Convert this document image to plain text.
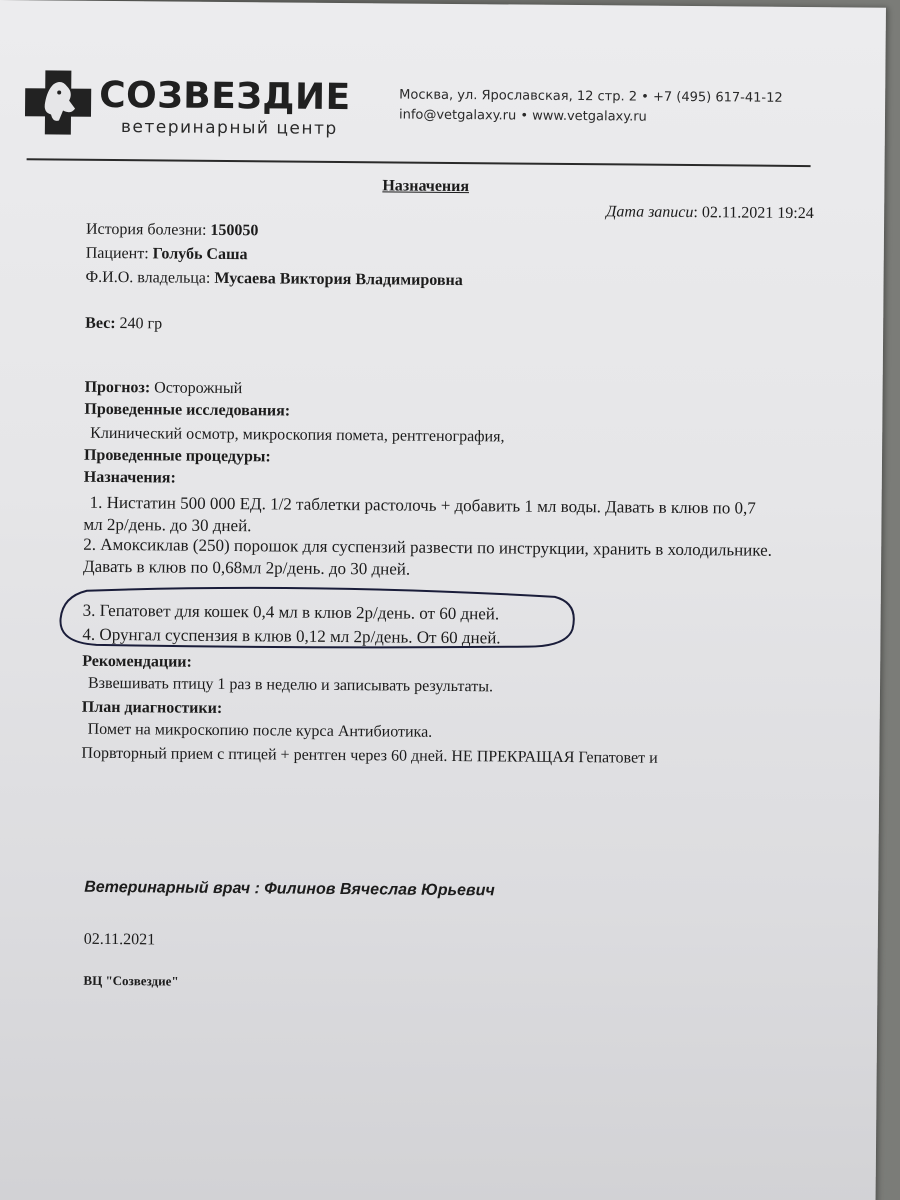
СОЗВЕЗДИЕ
ветеринарный центр
Москва, ул. Ярославская, 12 стр. 2 • +7 (495) 617-41-12
info@vetgalaxy.ru • www.vetgalaxy.ru
Назначения
Дата записи: 02.11.2021 19:24
История болезни: 150050
Пациент: Голубь Саша
Ф.И.О. владельца: Мусаева Виктория Владимировна
Вес: 240 гр
Прогноз: Осторожный
Проведенные исследования:
Клинический осмотр, микроскопия помета, рентгенография,
Проведенные процедуры:
Назначения:
1. Нистатин 500 000 ЕД. 1/2 таблетки растолочь + добавить 1 мл воды. Давать в клюв по 0,7
мл 2р/день. до 30 дней.
2. Амоксиклав (250) порошок для суспензий развести по инструкции, хранить в холодильнике.
Давать в клюв по 0,68мл 2р/день. до 30 дней.
3. Гепатовет для кошек 0,4 мл в клюв 2р/день. от 60 дней.
4. Орунгал суспензия в клюв 0,12 мл 2р/день. От 60 дней.
Рекомендации:
Взвешивать птицу 1 раз в неделю и записывать результаты.
План диагностики:
Помет на микроскопию после курса Антибиотика.
Порвторный прием с птицей + рентген через 60 дней. НЕ ПРЕКРАЩАЯ Гепатовет и
Ветеринарный врач : Филинов Вячеслав Юрьевич
02.11.2021
ВЦ "Созвездие"
